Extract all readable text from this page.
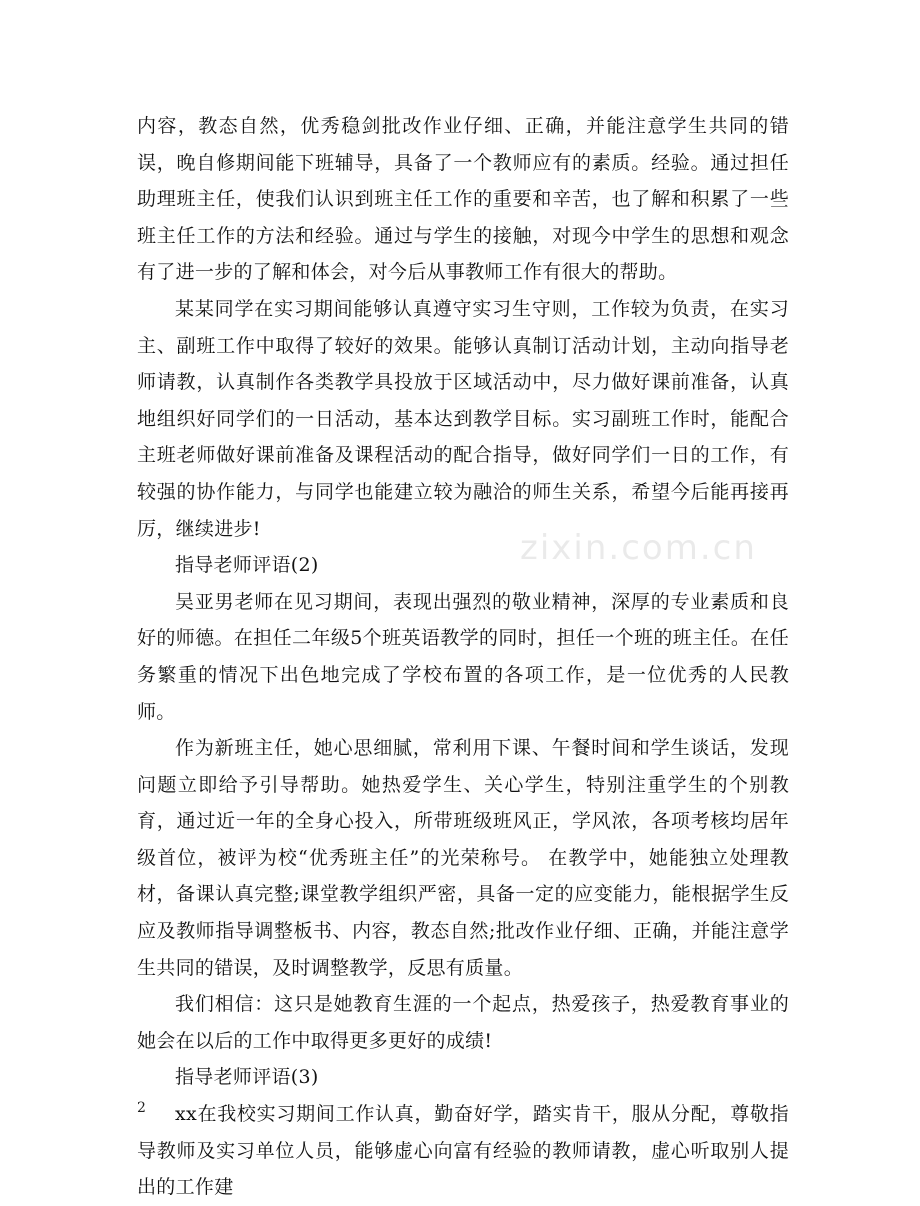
内容，教态自然，优秀稳剑批改作业仔细、正确，并能注意学生共同的错误，晚自修期间能下班辅导，具备了一个教师应有的素质。经验。通过担任助理班主任，使我们认识到班主任工作的重要和辛苦，也了解和积累了一些班主任工作的方法和经验。通过与学生的接触，对现今中学生的思想和观念有了进一步的了解和体会，对今后从事教师工作有很大的帮助。

某某同学在实习期间能够认真遵守实习生守则，工作较为负责，在实习主、副班工作中取得了较好的效果。能够认真制订活动计划，主动向指导老师请教，认真制作各类教学具投放于区域活动中，尽力做好课前准备，认真地组织好同学们的一日活动，基本达到教学目标。实习副班工作时，能配合主班老师做好课前准备及课程活动的配合指导，做好同学们一日的工作，有较强的协作能力，与同学也能建立较为融洽的师生关系，希望今后能再接再厉，继续进步!

指导老师评语(2)

吴亚男老师在见习期间，表现出强烈的敬业精神，深厚的专业素质和良好的师德。在担任二年级5个班英语教学的同时，担任一个班的班主任。在任务繁重的情况下出色地完成了学校布置的各项工作，是一位优秀的人民教师。

作为新班主任，她心思细腻，常利用下课、午餐时间和学生谈话，发现问题立即给予引导帮助。她热爱学生、关心学生，特别注重学生的个别教育，通过近一年的全身心投入，所带班级班风正，学风浓，各项考核均居年级首位，被评为校“优秀班主任”的光荣称号。 在教学中，她能独立处理教材，备课认真完整;课堂教学组织严密，具备一定的应变能力，能根据学生反应及教师指导调整板书、内容，教态自然;批改作业仔细、正确，并能注意学生共同的错误，及时调整教学，反思有质量。

我们相信：这只是她教育生涯的一个起点，热爱孩子，热爱教育事业的她会在以后的工作中取得更多更好的成绩!

指导老师评语(3)

xx在我校实习期间工作认真，勤奋好学，踏实肯干，服从分配，尊敬指导教师及实习单位人员，能够虚心向富有经验的教师请教，虚心听取别人提出的工作建

zixin.com.cn
2
